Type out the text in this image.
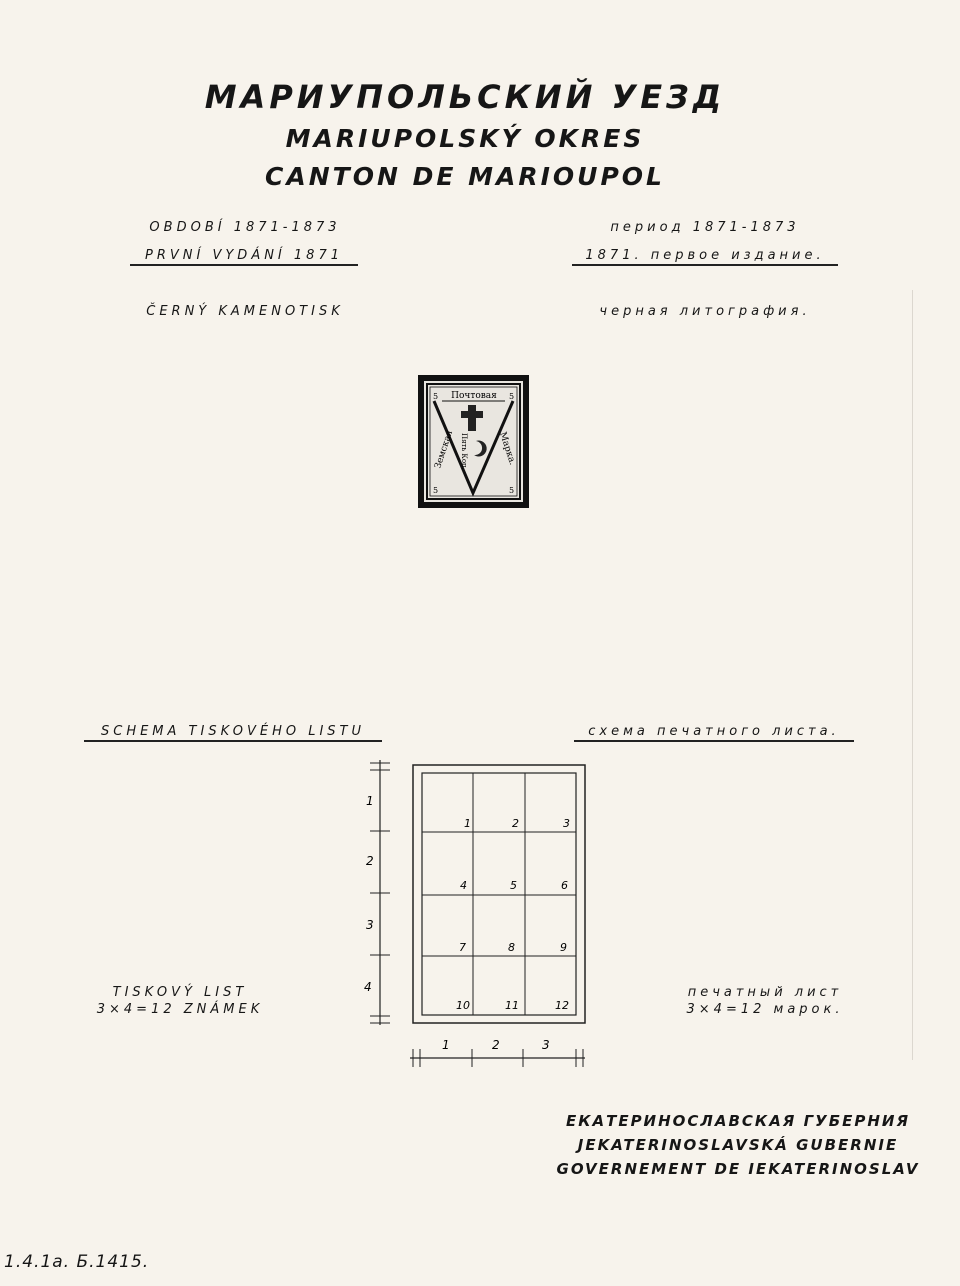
МАРИУПОЛЬСКИЙ УЕЗД
MARIUPOLSKÝ OKRES
CANTON DE MARIOUPOL
OBDOBÍ 1871-1873
PRVNÍ VYDÁNÍ 1871
ČERNÝ KAMENOTISK
период 1871-1873
1871. первое издание.
черная литография.
Почтовая
Земская	Марка.
Пять Коп.
5	5
5	5
SCHEMA TISKOVÉHO LISTU	схема печатного листа.
1
2
3
4
1	2	3
1	2	3
4	5	6
7	8	9
10	11	12
TISKOVÝ LIST
3×4=12 ZNÁMEK
печатный лист
3×4=12 марок.
ЕКАТЕРИНОСЛАВСКАЯ ГУБЕРНИЯ
JEKATERINOSLAVSKÁ GUBERNIE
GOVERNEMENT DE IEKATERINOSLAV
1.4.1a. Б.1415.
